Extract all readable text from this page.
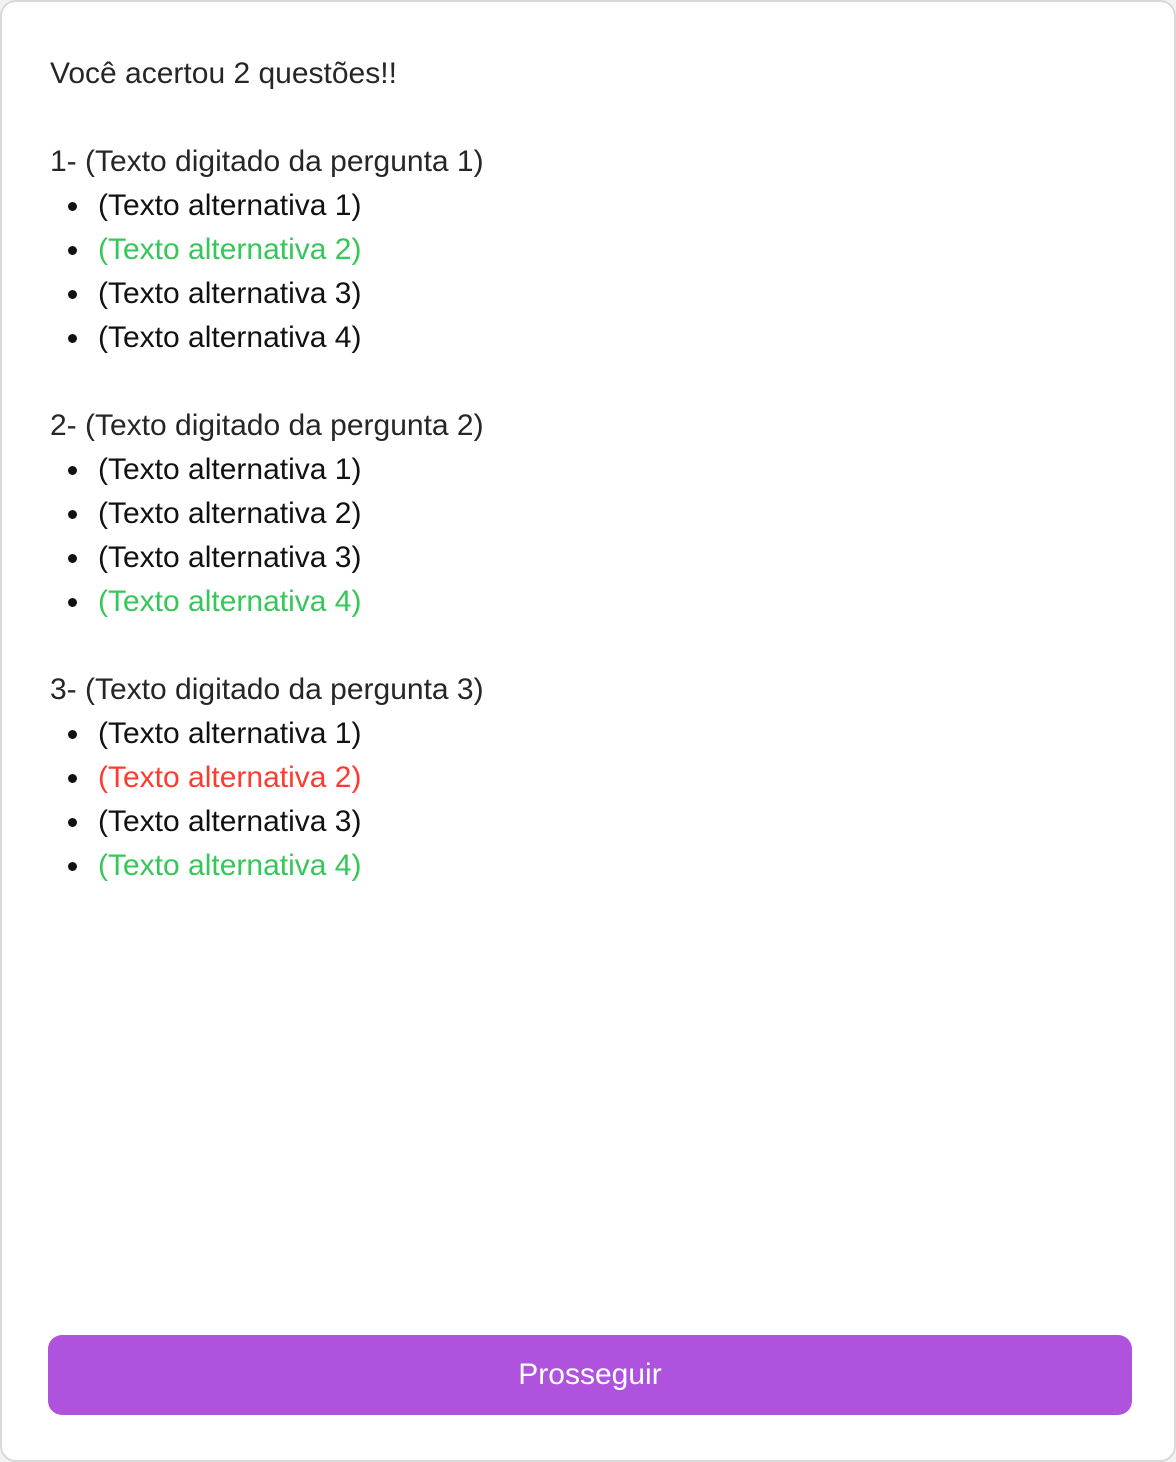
Você acertou 2 questões!!

1- (Texto digitado da pergunta 1)

(Texto alternativa 1)
(Texto alternativa 2)
(Texto alternativa 3)
(Texto alternativa 4)

2- (Texto digitado da pergunta 2)

(Texto alternativa 1)
(Texto alternativa 2)
(Texto alternativa 3)
(Texto alternativa 4)

3- (Texto digitado da pergunta 3)

(Texto alternativa 1)
(Texto alternativa 2)
(Texto alternativa 3)
(Texto alternativa 4)
Prosseguir
